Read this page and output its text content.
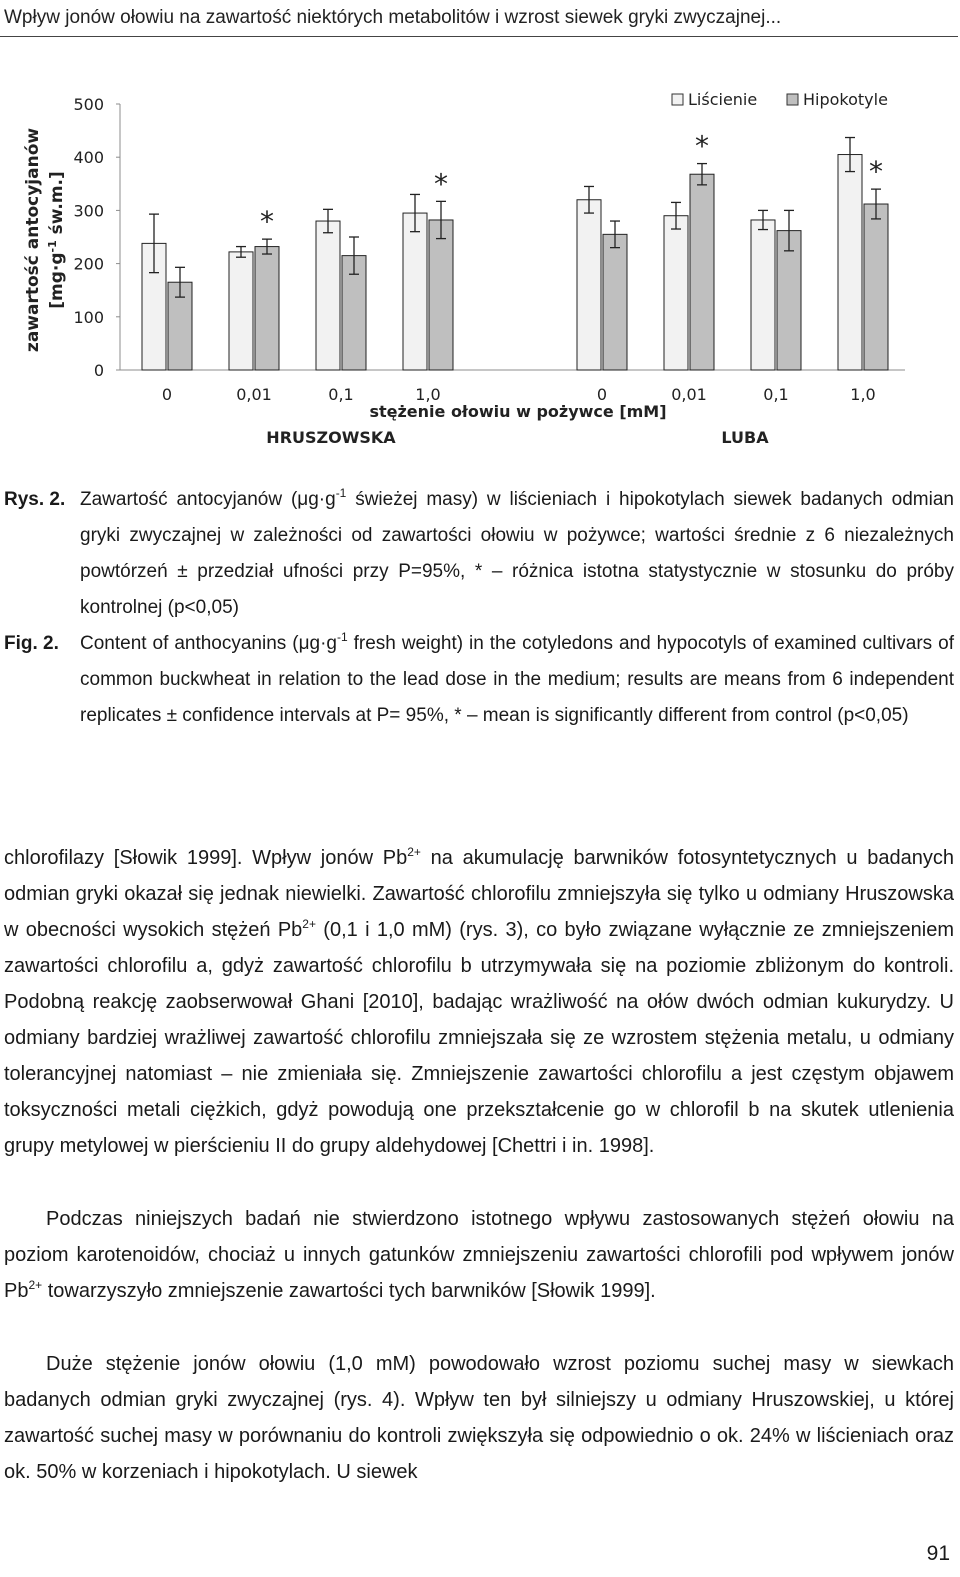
Wpływ jonów ołowiu na zawartość niektórych metabolitów i wzrost siewek gryki zwyczajnej...
zawartość antocyjanów [$mg\cdot g^{-1}$ św.m.]
0
100
200
300
400
500
*
*
*
*
0	0,01	0,1	1,0	0	0,01	0,1	1,0
stężenie ołowiu w pożywce [mM]
HRUSZOWSKA	LUBA
Liścienie	Hipokotyle
Rys. 2. Zawartość antocyjanów ($\mu g\cdot g^{-1}$ świeżej masy) w liścieniach i hipokotylach siewek badanych odmian gryki zwyczajnej w zależności od zawartości ołowiu w pożywce; wartości średnie z 6 niezależnych powtórzeń ± przedział ufności przy P=95%, * – różnica istotna statystycznie w stosunku do próby kontrolnej (p<0,05)
Fig. 2. Content of anthocyanins ($\mu g\cdot g^{-1}$ fresh weight) in the cotyledons and hypocotyls of examined cultivars of common buckwheat in relation to the lead dose in the medium; results are means from 6 independent replicates ± confidence intervals at P= 95%, * – mean is significantly different from control (p<0,05)
chlorofilazy [Słowik 1999]. Wpływ jonów $Pb^{2+}$ na akumulację barwników fotosyntetycznych u badanych odmian gryki okazał się jednak niewielki. Zawartość chlorofilu zmniejszyła się tylko u odmiany Hruszowska w obecności wysokich stężeń $Pb^{2+}$ (0,1 i 1,0 mM) (rys. 3), co było związane wyłącznie ze zmniejszeniem zawartości chlorofilu a, gdyż zawartość chlorofilu b utrzymywała się na poziomie zbliżonym do kontroli. Podobną reakcję zaobserwował Ghani [2010], badając wrażliwość na ołów dwóch odmian kukurydzy. U odmiany bardziej wrażliwej zawartość chlorofilu zmniejszała się ze wzrostem stężenia metalu, u odmiany tolerancyjnej natomiast – nie zmieniała się. Zmniejszenie zawartości chlorofilu a jest częstym objawem toksyczności metali ciężkich, gdyż powodują one przekształcenie go w chlorofil b na skutek utlenienia grupy metylowej w pierścieniu II do grupy aldehydowej [Chettri i in. 1998].
Podczas niniejszych badań nie stwierdzono istotnego wpływu zastosowanych stężeń ołowiu na poziom karotenoidów, chociaż u innych gatunków zmniejszeniu zawartości chlorofili pod wpływem jonów $Pb^{2+}$ towarzyszyło zmniejszenie zawartości tych barwników [Słowik 1999].
Duże stężenie jonów ołowiu (1,0 mM) powodowało wzrost poziomu suchej masy w siewkach badanych odmian gryki zwyczajnej (rys. 4). Wpływ ten był silniejszy u odmiany Hruszowskiej, u której zawartość suchej masy w porównaniu do kontroli zwiększyła się odpowiednio o ok. 24% w liścieniach oraz ok. 50% w korzeniach i hipokotylach. U siewek
91
